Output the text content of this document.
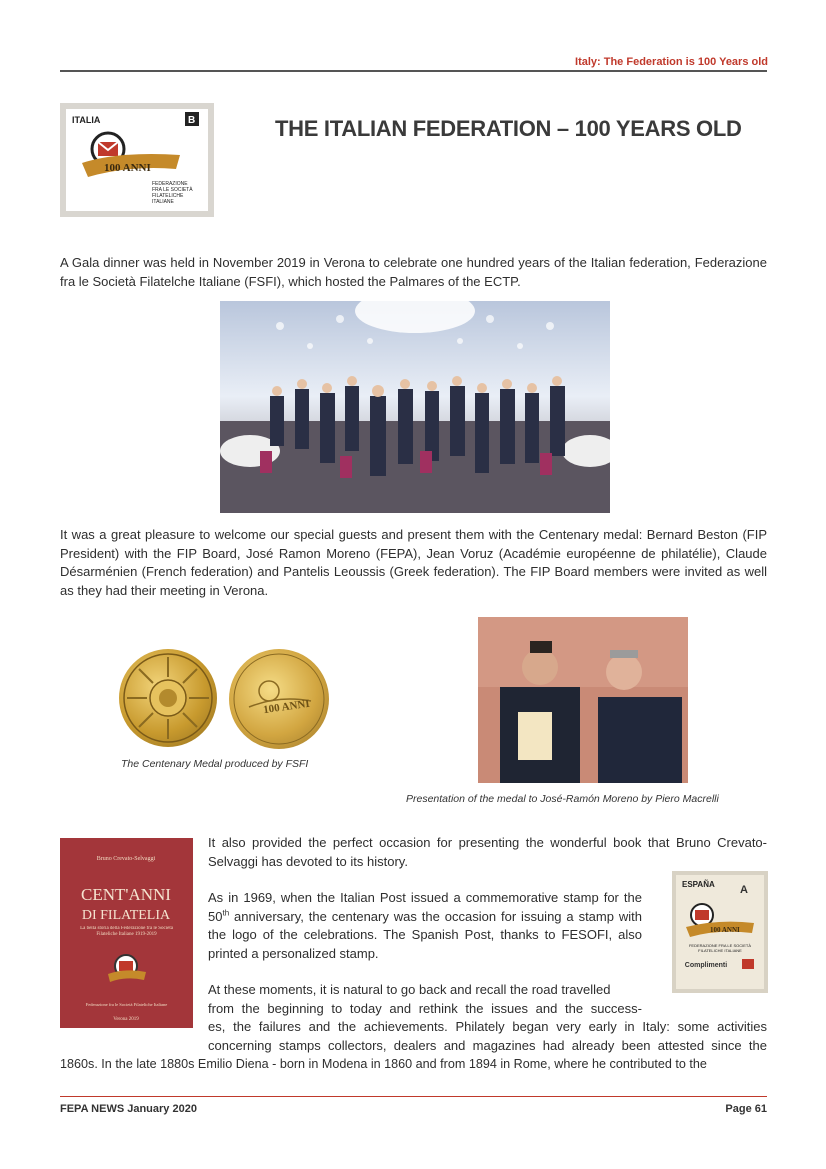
Italy: The Federation is 100 Years old
ITALIA	B
100 ANNI
FEDERAZIONE
FRA LE SOCIETÀ
FILATELICHE
ITALIANE
THE ITALIAN FEDERATION – 100 YEARS OLD
A Gala dinner was held in November 2019 in Verona to celebrate one hundred years of the Italian federation, Federazione fra le Società Filatelche Italiane (FSFI), which hosted the Palmares of the ECTP.
It was a great pleasure to welcome our special guests and present them with the Centenary medal: Bernard Beston (FIP President) with the FIP Board, José Ramon Moreno (FEPA), Jean Voruz (Académie européenne de philatélie), Claude Désarménien (French federation) and Pantelis Leoussis (Greek federation). The FIP Board members were invited as well as they had their meeting in Verona.
100 ANNI
The Centenary Medal produced by FSFI
Presentation of the medal to José-Ramón Moreno by Piero Macrelli
Bruno Crevato-Selvaggi
CENT'ANNI
DI FILATELIA
La bella storia della Federazione fra le Società Filateliche Italiane 1919-2019
Federazione fra le Società Filateliche Italiane
Verona 2019
It also provided the perfect occasion for presenting the wonderful book that Bruno Crevato-Selvaggi has devoted to its history.
As in 1969, when the Italian Post issued a commemorative stamp for the 50th anniversary, the centenary was the occasion for issuing a stamp with the logo of the celebrations. The Spanish Post, thanks to FESOFI, also printed a personalized stamp.
ESPAÑA A
100 ANNI
FEDERAZIONE FRA LE SOCIETÀ
FILATELICHE ITALIANE
Complimenti
At these moments, it is natural to go back and recall the road travelled
from the beginning to today and rethink the issues and the success-
es, the failures and the achievements. Philately began very early in Italy: some activities
concerning stamps collectors, dealers and magazines had already been attested since the
1860s. In the late 1880s Emilio Diena - born in Modena in 1860 and from 1894 in Rome, where he contributed to the
FEPA NEWS January 2020	Page 61
